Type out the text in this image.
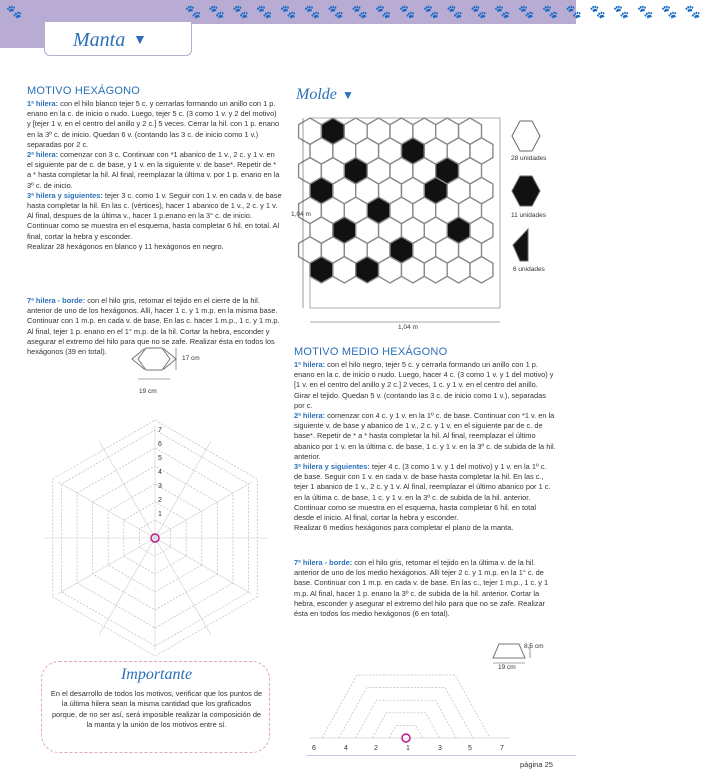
🐾	🐾 🐾 🐾 🐾 🐾 🐾 🐾 🐾 🐾 🐾 🐾 🐾 🐾 🐾 🐾 🐾 🐾 🐾 🐾 🐾 🐾 🐾
Manta ▼
MOTIVO HEXÁGONO
1ª hilera: con el hilo blanco tejer 5 c. y cerrarlas formando un anillo con 1 p. enano en la c. de inicio o nudo. Luego, tejer 5 c. (3 como 1 v. y 2 del motivo) y [tejer 1 v. en el centro del anillo y 2 c.] 5 veces. Cerrar la hil. con 1 p. enano en la 3º c. de inicio. Quedan 6 v. (contando las 3 c. de inicio como 1 v.) separadas por 2 c.
2ª hilera: comenzar con 3 c. Continuar con *1 abanico de 1 v., 2 c. y 1 v. en el siguiente par de c. de base, y 1 v. en la siguiente v. de base*. Repetir de * a * hasta completar la hil. Al final, reemplazar la última v. por 1 p. enano en la 3º c. de inicio.
3ª hilera y siguientes: tejer 3 c. como 1 v. Seguir con 1 v. en cada v. de base hasta completar la hil. En las c. (vértices), hacer 1 abanico de 1 v., 2 c. y 1 v. Al final, despues de la última v., hacer 1 p.enano en la 3° c. de inicio. Continuar como se muestra en el esquema, hasta completar 6 hil. en total. Al final, cortar la hebra y esconder.
Realizar 28 hexágonos en blanco y 11 hexágonos en negro.
7ª hilera - borde: con el hilo gris, retomar el tejido en el cierre de la hil. anterior de uno de los hexágonos. Allí, hacer 1 c. y 1 m.p. en la misma base. Continuar con 1 m.p. en cada v. de base. En las c. hacer 1 m.p., 1 c. y 1 m.p. Al final, tejer 1 p. enano en el 1° m.p. de la hil. Cortar la hebra, esconder y asegurar el extremo del hilo para que no se zafe. Realizar ésta en todos los hexágonos (39 en total).
17 cm
19 cm
7
6
5
4
3
2
1
Importante
En el desarrollo de todos los motivos, verificar que los puntos de la última hilera sean la misma cantidad que los graficados porque, de no ser así, será imposible realizar la composición de la manta y la unión de los motivos entre sí.
Molde ▼
1,04 m
1,04 m
28 unidades
11 unidades
6 unidades
MOTIVO MEDIO HEXÁGONO
1ª hilera: con el hilo negro, tejer 5 c. y cerrarla formando un anillo con 1 p. enano en la c. de inicio o nudo. Luego, hacer 4 c. (3 como 1 v. y 1 del motivo) y [1 v. en el centro del anillo y 2 c.] 2 veces, 1 c. y 1 v. en el centro del anillo. Girar el tejido. Quedan 5 v. (contando las 3 c. de inicio como 1 v.), separadas por c.
2ª hilera: comenzar con 4 c. y 1 v. en la 1º c. de base. Continuar con *1 v. en la siguiente v. de base y abanico de 1 v., 2 c. y 1 v. en el siguiente par de c. de base*. Repetir de * a * hasta completar la hil. Al final, reemplazar el último abanico por 1 v. en la última c. de base, 1 c. y 1 v. en la 3º c. de subida de la hil. anterior.
3ª hilera y siguientes: tejer 4 c. (3 como 1 v. y 1 del motivo) y 1 v. en la 1º c. de base. Seguir con 1 v. en cada v. de base hasta completar la hil. En las c., tejer 1 abanico de 1 v., 2 c. y 1 v. Al final, reemplazar el último abanico por 1 c. en la última c. de base, 1 c. y 1 v. en la 3º c. de subida de la hil. anterior. Continuar como se muestra en el esquema, hasta completar 6 hil. en total desde el inicio. Al final, cortar la hebra y esconder.
Realizar 6 medios hexágonos para completar el plano de la manta.
7ª hilera - borde: con el hilo gris, retomar el tejido en la última v. de la hil. anterior de uno de los medio hexágonos. Allí tejer 2 c. y 1 m.p. en la 1° c. de base. Continuar con 1 m.p. en cada v. de base. En las c., tejer 1 m.p., 1 c. y 1 m.p. Al final, hacer 1 p. enano la 3º c. de subida de la hil. anterior. Cortar la hebra, esconder y asegurar el extremo del hilo para que no se zafe. Realizar ésta en todos los medio hexágonos (6 en total).
8,5 cm
19 cm
6	4	2	1	3	5	7
página 25
